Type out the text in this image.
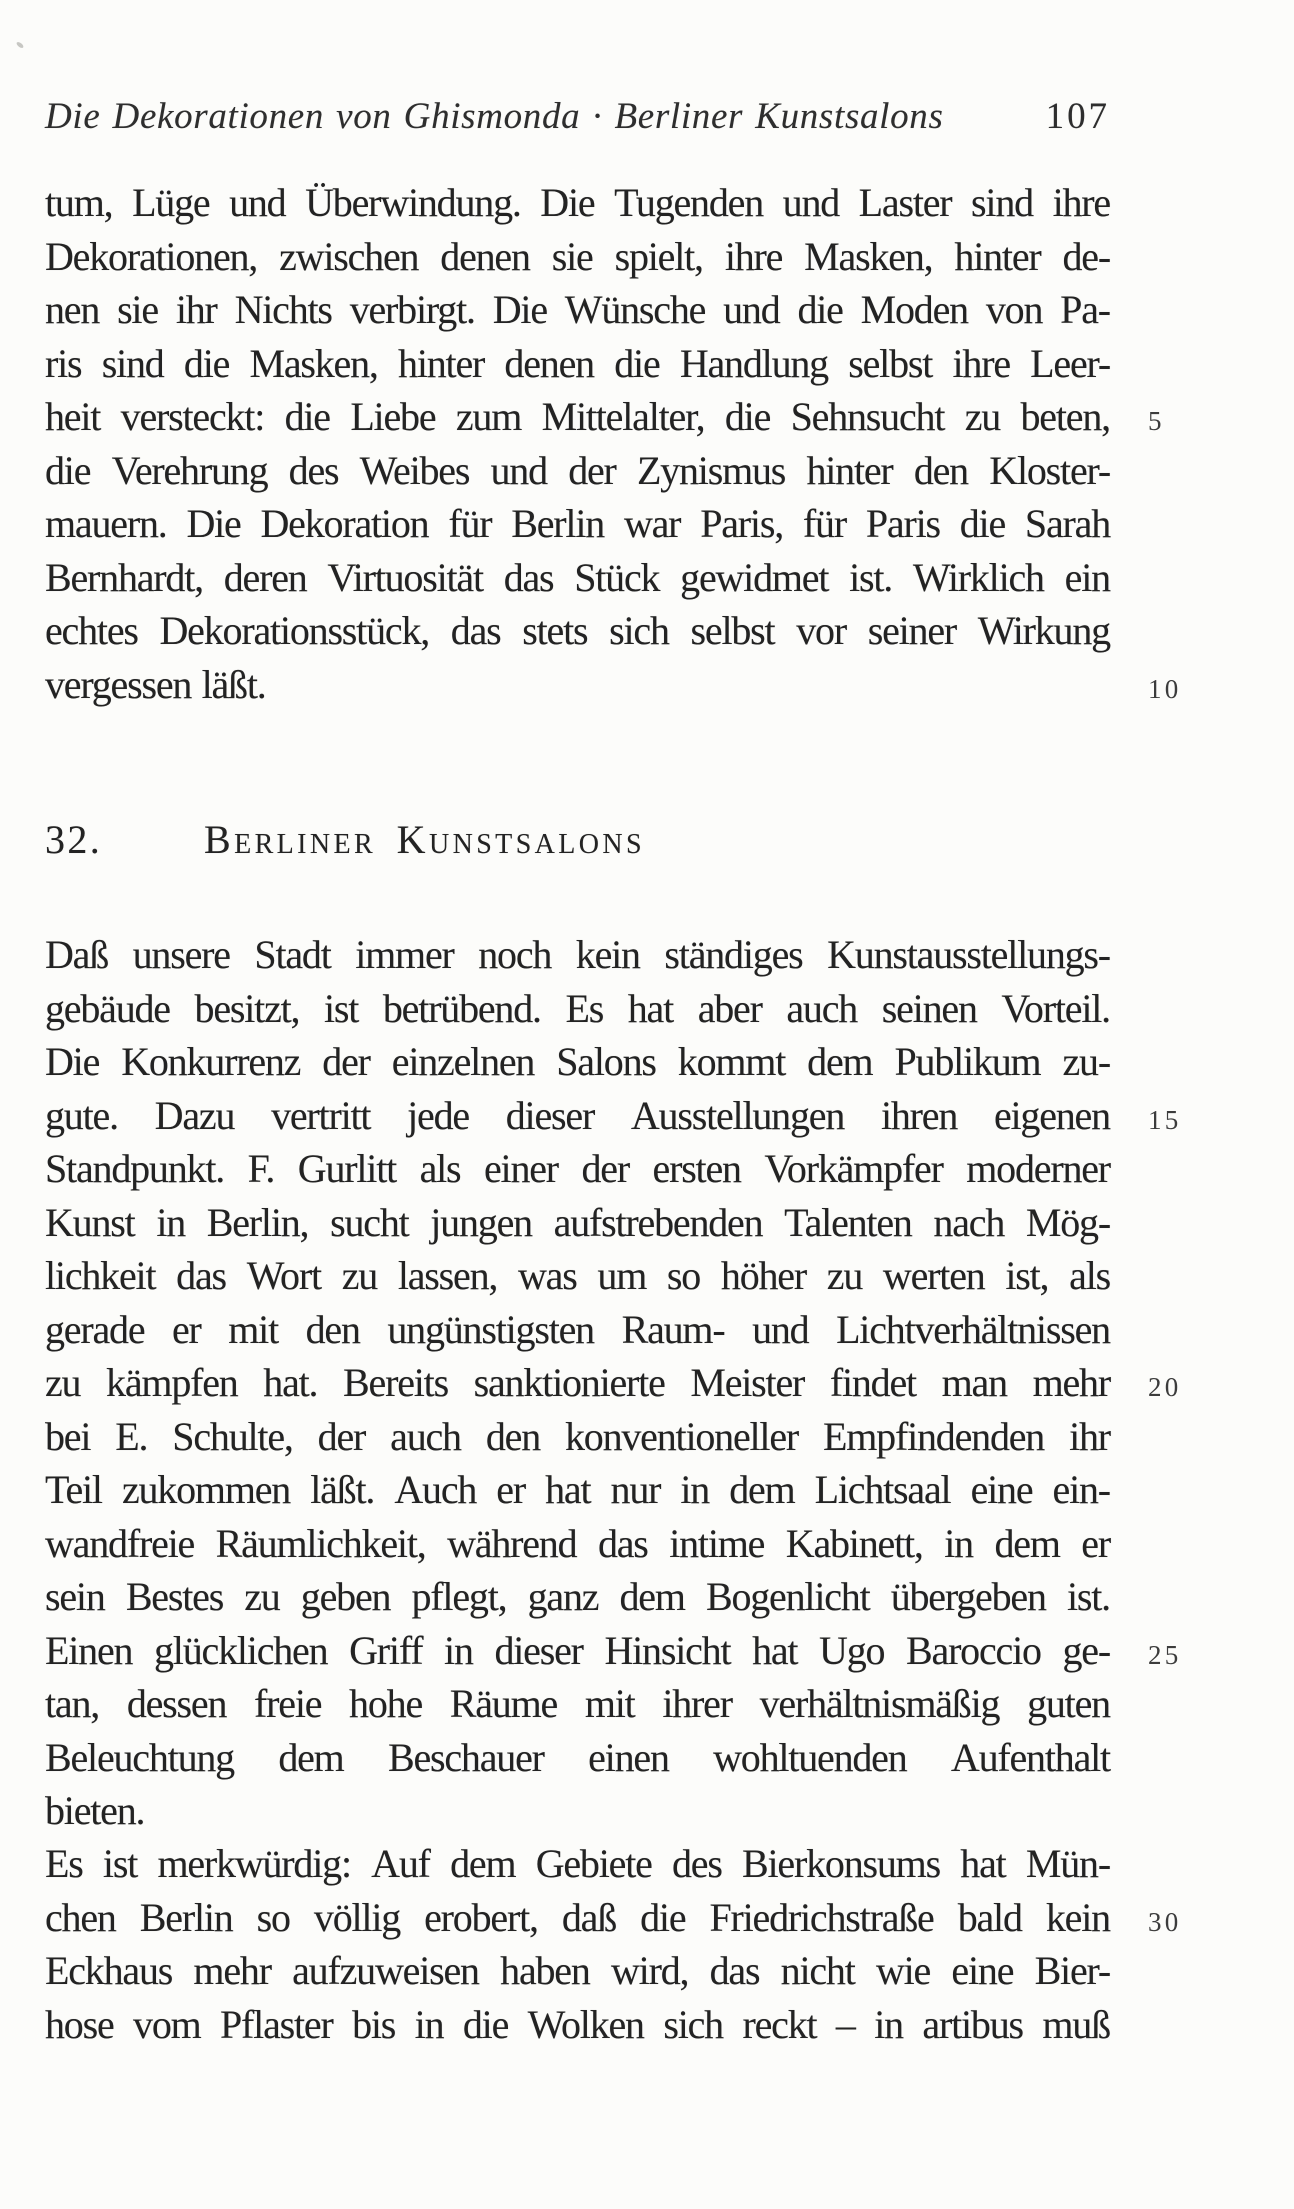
Die Dekorationen von Ghismonda · Berliner Kunstsalons	107
tum, Lüge und Überwindung. Die Tugenden und Laster sind ihre
Dekorationen, zwischen denen sie spielt, ihre Masken, hinter de-
nen sie ihr Nichts verbirgt. Die Wünsche und die Moden von Pa-
ris sind die Masken, hinter denen die Handlung selbst ihre Leer-
heit versteckt: die Liebe zum Mittelalter, die Sehnsucht zu beten, 5
die Verehrung des Weibes und der Zynismus hinter den Kloster-
mauern. Die Dekoration für Berlin war Paris, für Paris die Sarah
Bernhardt, deren Virtuosität das Stück gewidmet ist. Wirklich ein
echtes Dekorationsstück, das stets sich selbst vor seiner Wirkung
vergessen läßt.	10
32.	Berliner Kunstsalons
Daß unsere Stadt immer noch kein ständiges Kunstausstellungs-
gebäude besitzt, ist betrübend. Es hat aber auch seinen Vorteil.
Die Konkurrenz der einzelnen Salons kommt dem Publikum zu-
gute. Dazu vertritt jede dieser Ausstellungen ihren eigenen 15
Standpunkt. F. Gurlitt als einer der ersten Vorkämpfer moderner
Kunst in Berlin, sucht jungen aufstrebenden Talenten nach Mög-
lichkeit das Wort zu lassen, was um so höher zu werten ist, als
gerade er mit den ungünstigsten Raum- und Lichtverhältnissen
zu kämpfen hat. Bereits sanktionierte Meister findet man mehr 20
bei E. Schulte, der auch den konventioneller Empfindenden ihr
Teil zukommen läßt. Auch er hat nur in dem Lichtsaal eine ein-
wandfreie Räumlichkeit, während das intime Kabinett, in dem er
sein Bestes zu geben pflegt, ganz dem Bogenlicht übergeben ist.
Einen glücklichen Griff in dieser Hinsicht hat Ugo Baroccio ge- 25
tan, dessen freie hohe Räume mit ihrer verhältnismäßig guten
Beleuchtung dem Beschauer einen wohltuenden Aufenthalt
bieten.
Es ist merkwürdig: Auf dem Gebiete des Bierkonsums hat Mün-
chen Berlin so völlig erobert, daß die Friedrichstraße bald kein 30
Eckhaus mehr aufzuweisen haben wird, das nicht wie eine Bier-
hose vom Pflaster bis in die Wolken sich reckt – in artibus muß
